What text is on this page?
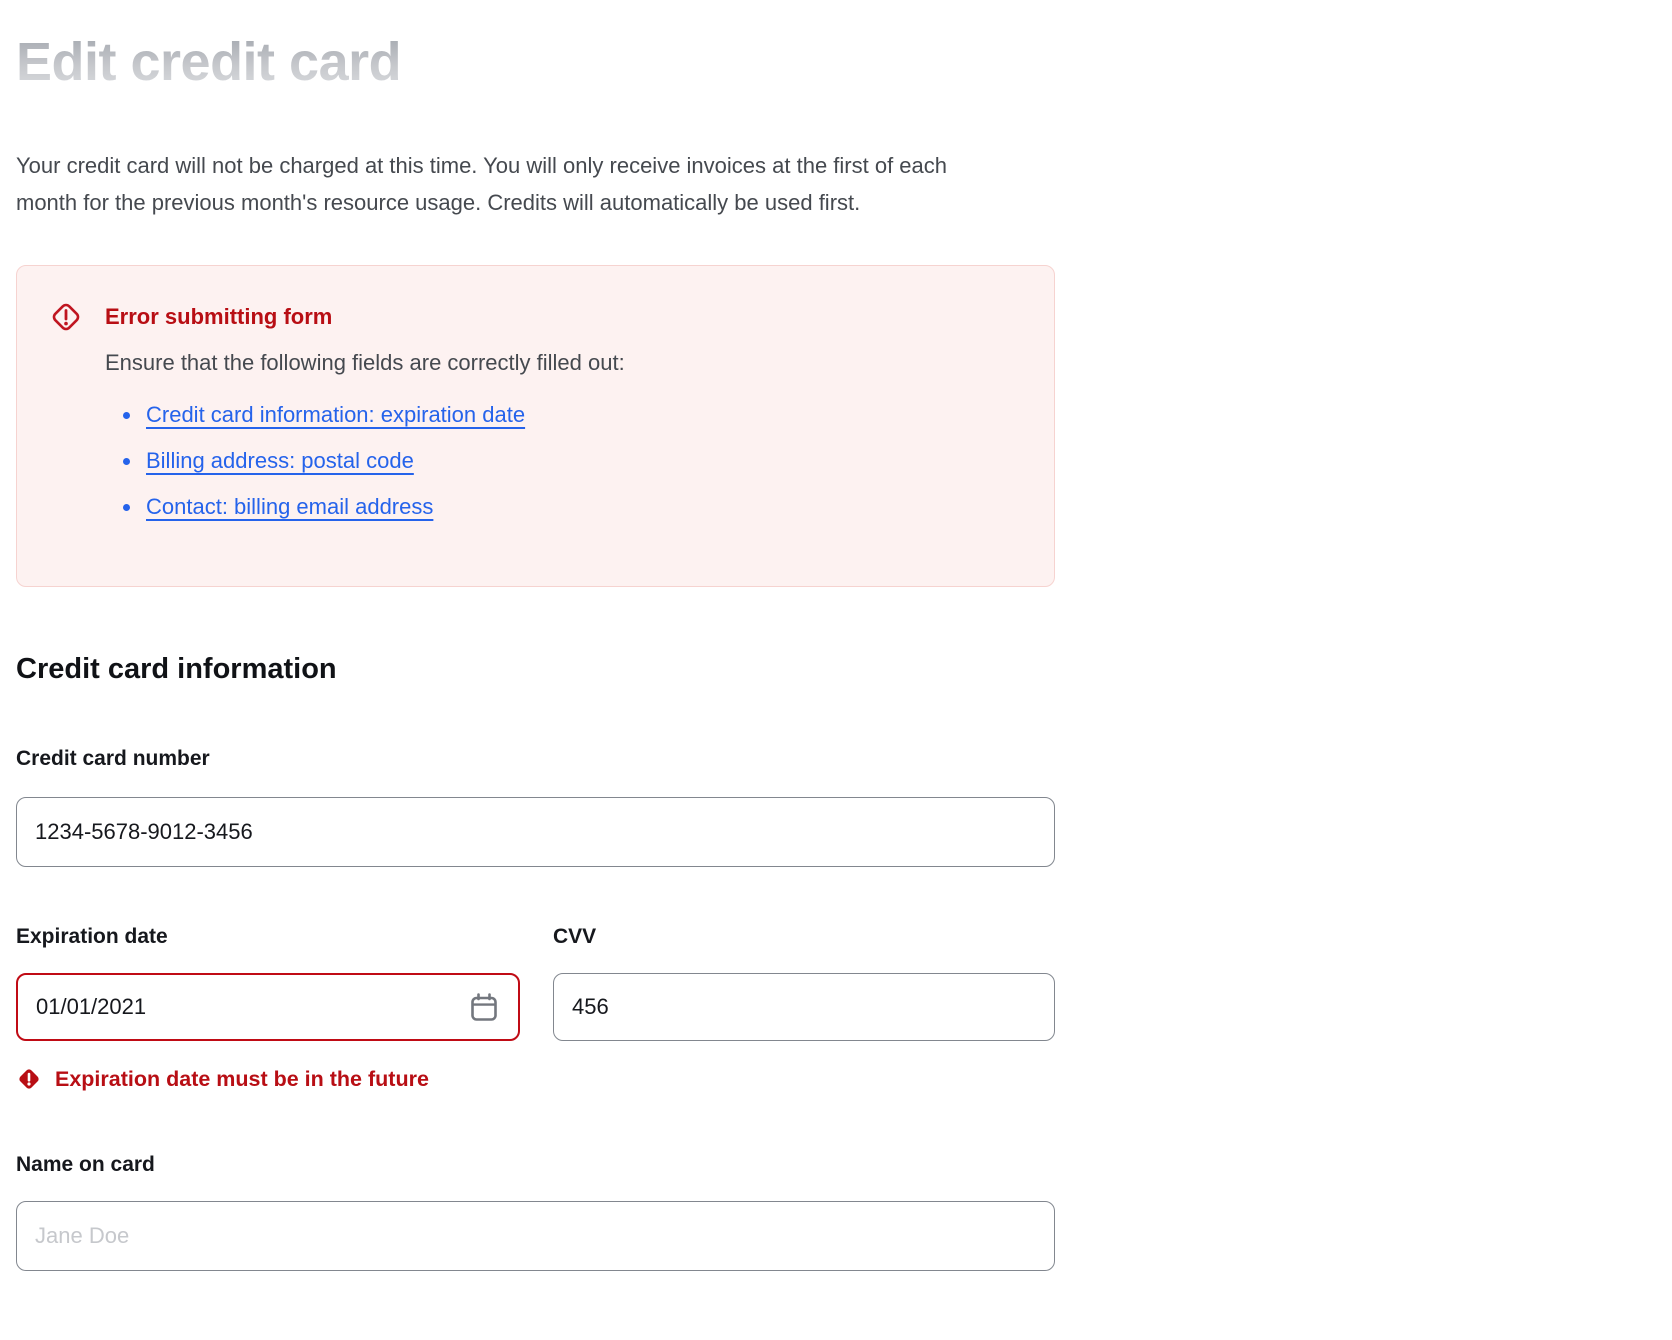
Edit credit card

Your credit card will not be charged at this time. You will only receive invoices at the first of each month for the previous month's resource usage. Credits will automatically be used first.

Error submitting form

Ensure that the following fields are correctly filled out:

Credit card information: expiration date
Billing address: postal code
Contact: billing email address
Credit card information
Credit card number
1234-5678-9012-3456
Expiration date
01/01/2021
Expiration date must be in the future
CVV
456
Name on card
Jane Doe
